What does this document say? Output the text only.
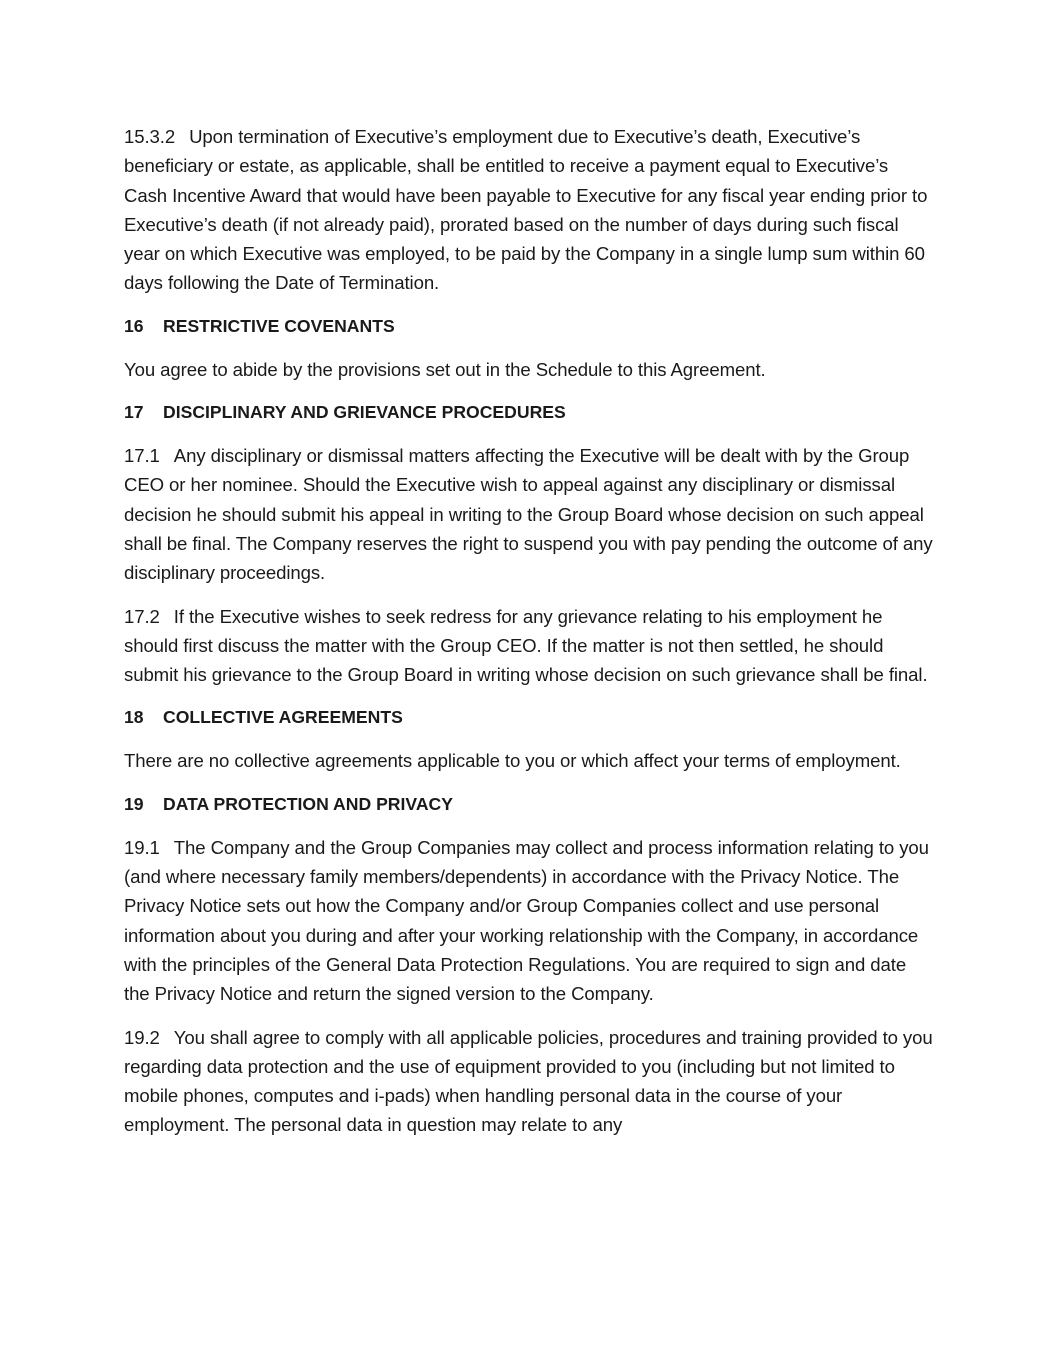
15.3.2 Upon termination of Executive’s employment due to Executive’s death, Executive’s beneficiary or estate, as applicable, shall be entitled to receive a payment equal to Executive’s Cash Incentive Award that would have been payable to Executive for any fiscal year ending prior to Executive’s death (if not already paid), prorated based on the number of days during such fiscal year on which Executive was employed, to be paid by the Company in a single lump sum within 60 days following the Date of Termination.

16 RESTRICTIVE COVENANTS

You agree to abide by the provisions set out in the Schedule to this Agreement.

17 DISCIPLINARY AND GRIEVANCE PROCEDURES

17.1 Any disciplinary or dismissal matters affecting the Executive will be dealt with by the Group CEO or her nominee. Should the Executive wish to appeal against any disciplinary or dismissal decision he should submit his appeal in writing to the Group Board whose decision on such appeal shall be final. The Company reserves the right to suspend you with pay pending the outcome of any disciplinary proceedings.

17.2 If the Executive wishes to seek redress for any grievance relating to his employment he should first discuss the matter with the Group CEO. If the matter is not then settled, he should submit his grievance to the Group Board in writing whose decision on such grievance shall be final.

18 COLLECTIVE AGREEMENTS

There are no collective agreements applicable to you or which affect your terms of employment.

19 DATA PROTECTION AND PRIVACY

19.1 The Company and the Group Companies may collect and process information relating to you (and where necessary family members/dependents) in accordance with the Privacy Notice. The Privacy Notice sets out how the Company and/or Group Companies collect and use personal information about you during and after your working relationship with the Company, in accordance with the principles of the General Data Protection Regulations. You are required to sign and date the Privacy Notice and return the signed version to the Company.

19.2 You shall agree to comply with all applicable policies, procedures and training provided to you regarding data protection and the use of equipment provided to you (including but not limited to mobile phones, computes and i-pads) when handling personal data in the course of your employment. The personal data in question may relate to any
